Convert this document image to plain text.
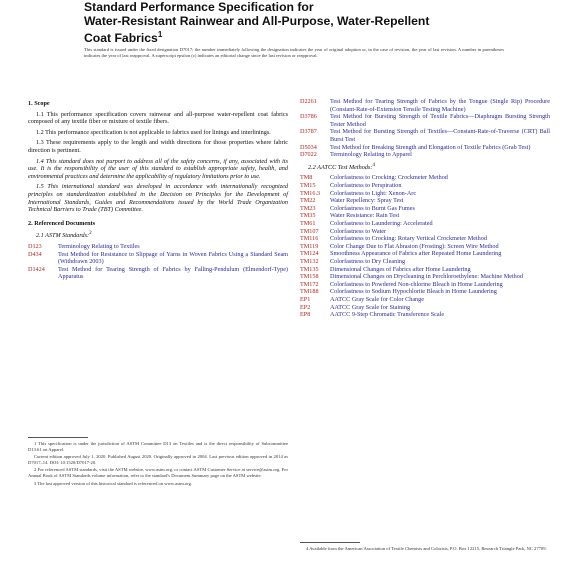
Standard Performance Specification for
Water-Resistant Rainwear and All-Purpose, Water-Repellent
Coat Fabrics$^1$
This standard is issued under the fixed designation D7017; the number immediately following the designation indicates the year of original adoption or, in the case of revision, the year of last revision. A number in parentheses indicates the year of last reapproval. A superscript epsilon (ε) indicates an editorial change since the last revision or reapproval.
1. Scope

1.1 This performance specification covers rainwear and all-purpose water-repellent coat fabrics composed of any textile fiber or mixture of textile fibers.

1.2 This performance specification is not applicable to fabrics used for linings and interlinings.

1.3 These requirements apply to the length and width directions for those properties where fabric direction is pertinent.

1.4 This standard does not purport to address all of the safety concerns, if any, associated with its use. It is the responsibility of the user of this standard to establish appropriate safety, health, and environmental practices and determine the applicability of regulatory limitations prior to use.

1.5 This international standard was developed in accordance with internationally recognized principles on standardization established in the Decision on Principles for the Development of International Standards, Guides and Recommendations issued by the World Trade Organization Technical Barriers to Trade (TBT) Committee.

2. Referenced Documents

2.1 ASTM Standards:$^2$

D123	Terminology Relating to Textiles
D434	Test Method for Resistance to Slippage of Yarns in Woven Fabrics Using a Standard Seam (Withdrawn 2003)
D1424	Test Method for Tearing Strength of Fabrics by Falling-Pendulum (Elmendorf-Type) Apparatus

1 This specification is under the jurisdiction of ASTM Committee D13 on Textiles and is the direct responsibility of Subcommittee D13.61 on Apparel.

Current edition approved July 1, 2020. Published August 2020. Originally approved in 2004. Last previous edition approved in 2014 as D7017–14. DOI: 10.1520/D7017-20.

2 For referenced ASTM standards, visit the ASTM website, www.astm.org, or contact ASTM Customer Service at service@astm.org. For Annual Book of ASTM Standards volume information, refer to the standard's Document Summary page on the ASTM website.

3 The last approved version of this historical standard is referenced on www.astm.org.

D2261	Test Method for Tearing Strength of Fabrics by the Tongue (Single Rip) Procedure (Constant-Rate-of-Extension Tensile Testing Machine)
D3786	Test Method for Bursting Strength of Textile Fabrics—Diaphragm Bursting Strength Tester Method
D3787	Test Method for Bursting Strength of Textiles—Constant-Rate-of-Traverse (CRT) Ball Burst Test
D5034	Test Method for Breaking Strength and Elongation of Textile Fabrics (Grab Test)
D7022	Terminology Relating to Apparel

2.2 AATCC Test Methods:$^4$

TM8	Colorfastness to Crocking: Crockmeter Method
TM15	Colorfastness to Perspiration
TM16.3	Colorfastness to Light: Xenon-Arc
TM22	Water Repellency: Spray Test
TM23	Colorfastness to Burnt Gas Fumes
TM35	Water Resistance: Rain Test
TM61	Colorfastness to Laundering: Accelerated
TM107	Colorfastness to Water
TM116	Colorfastness to Crocking: Rotary Vertical Crockmeter Method
TM119	Color Change Due to Flat Abrasion (Frosting): Screen Wire Method
TM124	Smoothness Appearance of Fabrics after Repeated Home Laundering
TM132	Colorfastness to Dry Cleaning
TM135	Dimensional Changes of Fabrics after Home Laundering
TM158	Dimensional Changes on Drycleaning in Perchloroethylene: Machine Method
TM172	Colorfastness to Powdered Non-chlorine Bleach in Home Laundering
TM188	Colorfastness to Sodium Hypochlorite Bleach in Home Laundering
EP1	AATCC Gray Scale for Color Change
EP2	AATCC Gray Scale for Staining
EP8	AATCC 9-Step Chromatic Transference Scale

4 Available from the American Association of Textile Chemists and Colorists, P.O. Box 12215, Research Triangle Park, NC 27709.
